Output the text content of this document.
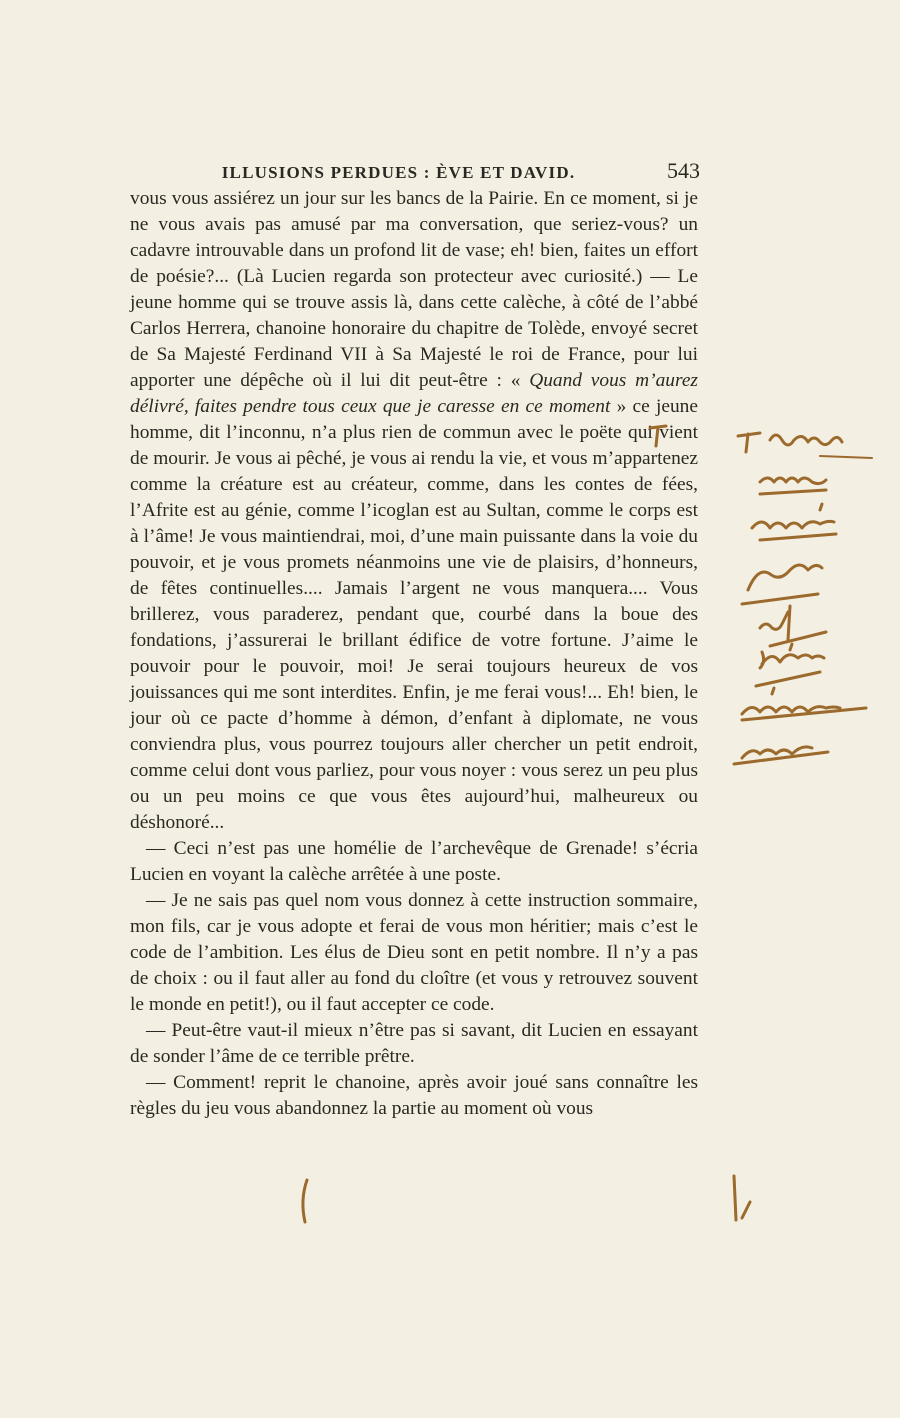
ILLUSIONS PERDUES : ÈVE ET DAVID.	543

vous vous assiérez un jour sur les bancs de la Pairie. En ce moment, si je ne vous avais pas amusé par ma conversation, que seriez-vous? un cadavre introuvable dans un profond lit de vase; eh! bien, faites un effort de poésie?... (Là Lucien regarda son protecteur avec curiosité.) — Le jeune homme qui se trouve assis là, dans cette calèche, à côté de l’abbé Carlos Herrera, chanoine honoraire du chapitre de Tolède, envoyé secret de Sa Majesté Ferdinand VII à Sa Majesté le roi de France, pour lui apporter une dépêche où il lui dit peut-être : « Quand vous m’aurez délivré, faites pendre tous ceux que je caresse en ce moment » ce jeune homme, dit l’inconnu, n’a plus rien de commun avec le poëte qui vient de mourir. Je vous ai pêché, je vous ai rendu la vie, et vous m’appartenez comme la créature est au créateur, comme, dans les contes de fées, l’Afrite est au génie, comme l’icoglan est au Sultan, comme le corps est à l’âme! Je vous maintiendrai, moi, d’une main puissante dans la voie du pouvoir, et je vous promets néanmoins une vie de plaisirs, d’honneurs, de fêtes continuelles.... Jamais l’argent ne vous manquera.... Vous brillerez, vous paraderez, pendant que, courbé dans la boue des fondations, j’assurerai le brillant édifice de votre fortune. J’aime le pouvoir pour le pouvoir, moi! Je serai toujours heureux de vos jouissances qui me sont interdites. Enfin, je me ferai vous!... Eh! bien, le jour où ce pacte d’homme à démon, d’enfant à diplomate, ne vous conviendra plus, vous pourrez toujours aller chercher un petit endroit, comme celui dont vous parliez, pour vous noyer : vous serez un peu plus ou un peu moins ce que vous êtes aujourd’hui, malheureux ou déshonoré...

— Ceci n’est pas une homélie de l’archevêque de Grenade! s’écria Lucien en voyant la calèche arrêtée à une poste.

— Je ne sais pas quel nom vous donnez à cette instruction sommaire, mon fils, car je vous adopte et ferai de vous mon héritier; mais c’est le code de l’ambition. Les élus de Dieu sont en petit nombre. Il n’y a pas de choix : ou il faut aller au fond du cloître (et vous y retrouvez souvent le monde en petit!), ou il faut accepter ce code.

— Peut-être vaut-il mieux n’être pas si savant, dit Lucien en essayant de sonder l’âme de ce terrible prêtre.

— Comment! reprit le chanoine, après avoir joué sans connaître les règles du jeu vous abandonnez la partie au moment où vous
